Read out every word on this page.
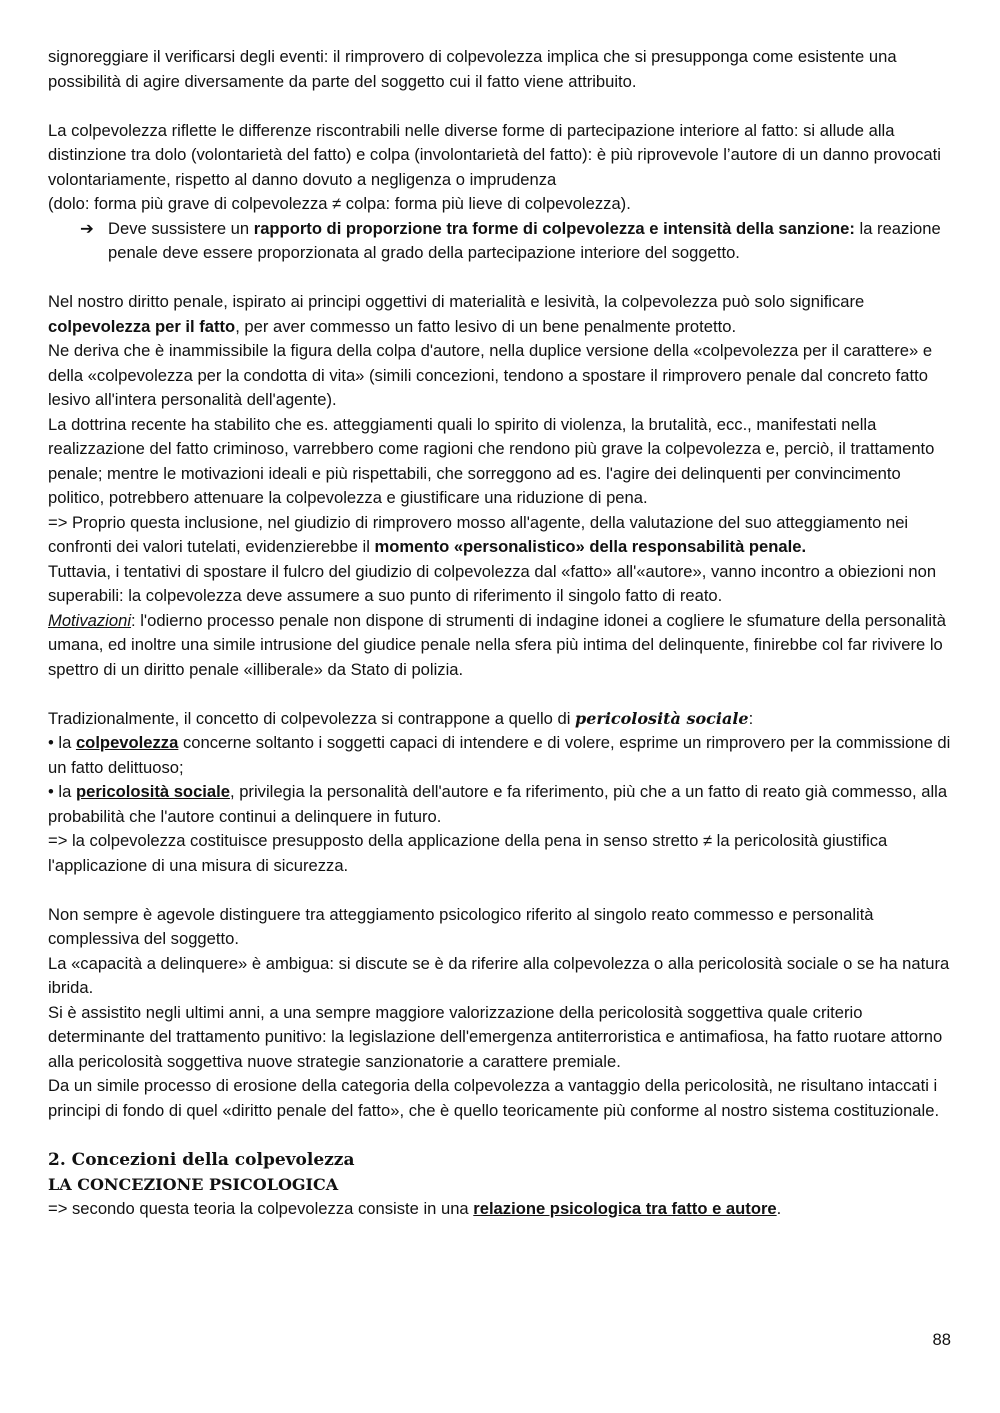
signoreggiare il verificarsi degli eventi: il rimprovero di colpevolezza implica che si presupponga come esistente una possibilità di agire diversamente da parte del soggetto cui il fatto viene attribuito.

La colpevolezza riflette le differenze riscontrabili nelle diverse forme di partecipazione interiore al fatto: si allude alla distinzione tra dolo (volontarietà del fatto) e colpa (involontarietà del fatto): è più riprovevole l’autore di un danno provocati volontariamente, rispetto al danno dovuto a negligenza o imprudenza
(dolo: forma più grave di colpevolezza ≠ colpa: forma più lieve di colpevolezza).

➔ Deve sussistere un rapporto di proporzione tra forme di colpevolezza e intensità della sanzione: la reazione penale deve essere proporzionata al grado della partecipazione interiore del soggetto.

Nel nostro diritto penale, ispirato ai principi oggettivi di materialità e lesività, la colpevolezza può solo significare colpevolezza per il fatto, per aver commesso un fatto lesivo di un bene penalmente protetto.
Ne deriva che è inammissibile la figura della colpa d'autore, nella duplice versione della «colpevolezza per il carattere» e della «colpevolezza per la condotta di vita» (simili concezioni, tendono a spostare il rimprovero penale dal concreto fatto lesivo all'intera personalità dell'agente).
La dottrina recente ha stabilito che es. atteggiamenti quali lo spirito di violenza, la brutalità, ecc., manifestati nella realizzazione del fatto criminoso, varrebbero come ragioni che rendono più grave la colpevolezza e, perciò, il trattamento penale; mentre le motivazioni ideali e più rispettabili, che sorreggono ad es. l'agire dei delinquenti per convincimento politico, potrebbero attenuare la colpevolezza e giustificare una riduzione di pena.
=> Proprio questa inclusione, nel giudizio di rimprovero mosso all'agente, della valutazione del suo atteggiamento nei confronti dei valori tutelati, evidenzierebbe il momento «personalistico» della responsabilità penale.
Tuttavia, i tentativi di spostare il fulcro del giudizio di colpevolezza dal «fatto» all'«autore», vanno incontro a obiezioni non superabili: la colpevolezza deve assumere a suo punto di riferimento il singolo fatto di reato.
Motivazioni: l'odierno processo penale non dispone di strumenti di indagine idonei a cogliere le sfumature della personalità umana, ed inoltre una simile intrusione del giudice penale nella sfera più intima del delinquente, finirebbe col far rivivere lo spettro di un diritto penale «illiberale» da Stato di polizia.

Tradizionalmente, il concetto di colpevolezza si contrappone a quello di pericolosità sociale:
• la colpevolezza concerne soltanto i soggetti capaci di intendere e di volere, esprime un rimprovero per la commissione di un fatto delittuoso;
• la pericolosità sociale, privilegia la personalità dell'autore e fa riferimento, più che a un fatto di reato già commesso, alla probabilità che l'autore continui a delinquere in futuro.
=> la colpevolezza costituisce presupposto della applicazione della pena in senso stretto ≠ la pericolosità giustifica l'applicazione di una misura di sicurezza.

Non sempre è agevole distinguere tra atteggiamento psicologico riferito al singolo reato commesso e personalità complessiva del soggetto.
La «capacità a delinquere» è ambigua: si discute se è da riferire alla colpevolezza o alla pericolosità sociale o se ha natura ibrida.
Si è assistito negli ultimi anni, a una sempre maggiore valorizzazione della pericolosità soggettiva quale criterio determinante del trattamento punitivo: la legislazione dell'emergenza antiterroristica e antimafiosa, ha fatto ruotare attorno alla pericolosità soggettiva nuove strategie sanzionatorie a carattere premiale.
Da un simile processo di erosione della categoria della colpevolezza a vantaggio della pericolosità, ne risultano intaccati i principi di fondo di quel «diritto penale del fatto», che è quello teoricamente più conforme al nostro sistema costituzionale.

2. Concezioni della colpevolezza

LA CONCEZIONE PSICOLOGICA

=> secondo questa teoria la colpevolezza consiste in una relazione psicologica tra fatto e autore.

88
